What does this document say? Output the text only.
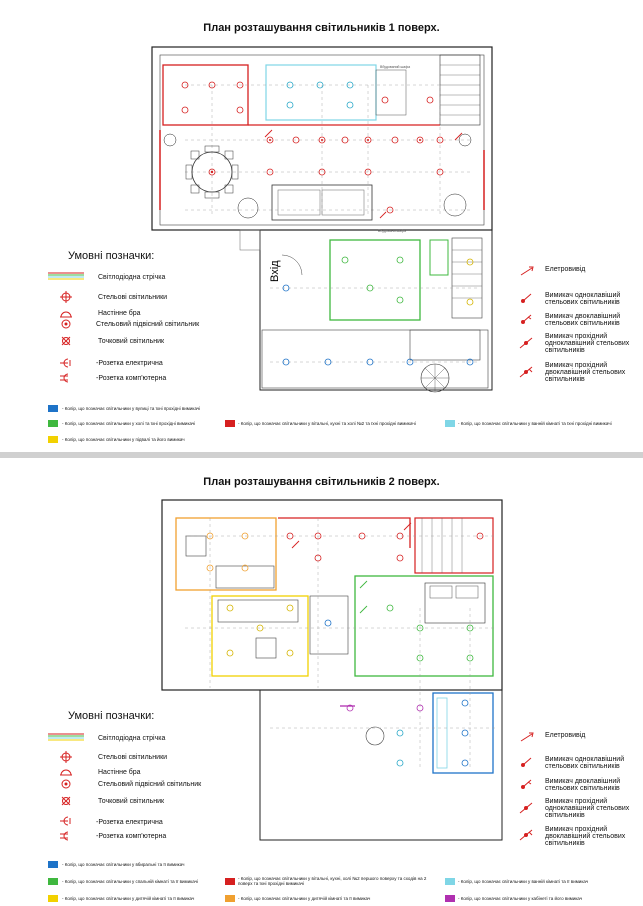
План розташування світильників 1 поверх.
Вхід
Вбудований шафа
Вбудована шафа
Умовні позначки:
Світлодіодна стрічка
Стельові світильники
Настінне бра
Стельовий підвісний світильник
Точковий світильник
-Розетка електрична
-Розетка комп'ютерна
Елетровивід
Вимикач одноклавіший стельових світильників
Вимикач двоклавішний стельових світильників
Вимикач прохідний одноклавішний стельових світильників
Вимикач прохідний двоклавішний стельових світильників
- Колір, що позначає світильники у вулиці та їхні прохідні вимикачі
- Колір, що позначає світильники у холі та їхні прохідні вимикачі
- Колір, що позначає світильники у підвалі та його вимикач
- Колір, що позначає світильники у вітальні, кухні та холі №2 та їхні прохідні вимикачі	- Колір, що позначає світильники у ванній кімнаті та їхні прохідні вимикачі
План розташування світильників 2 поверх.
Умовні позначки:
Світлодіодна стрічка
Стельові світильники
Настінне бра
Стельовий підвісний світильник
Точковий світильник
-Розетка електрична
-Розетка комп'ютерна
Елетровивід
Вимикач одноклавішний стельових світильників
Вимикач двоклавішний стельових світильників
Вимикач прохідний одноклавішний стельових світильників
Вимикач прохідний двоклавішний стельових світильників
- Колір, що позначає світильники у вбиральні та її вимикач
- Колір, що позначає світильники у спальній кімнаті та її вимикачі
- Колір, що позначає світильники у дитячій кімнаті та її вимикач
- Колір, що позначає світильники у вітальні, кухні, холі №2 першого поверху та сходів на 2 поверх та їхні прохідні вимикачі
- Колір, що позначає світильники у дитячій кімнаті та її вимикач
- Колір, що позначає світильники у ванній кімнаті та її вимикач
- Колір, що позначає світильники у кабінеті та його вимикач
